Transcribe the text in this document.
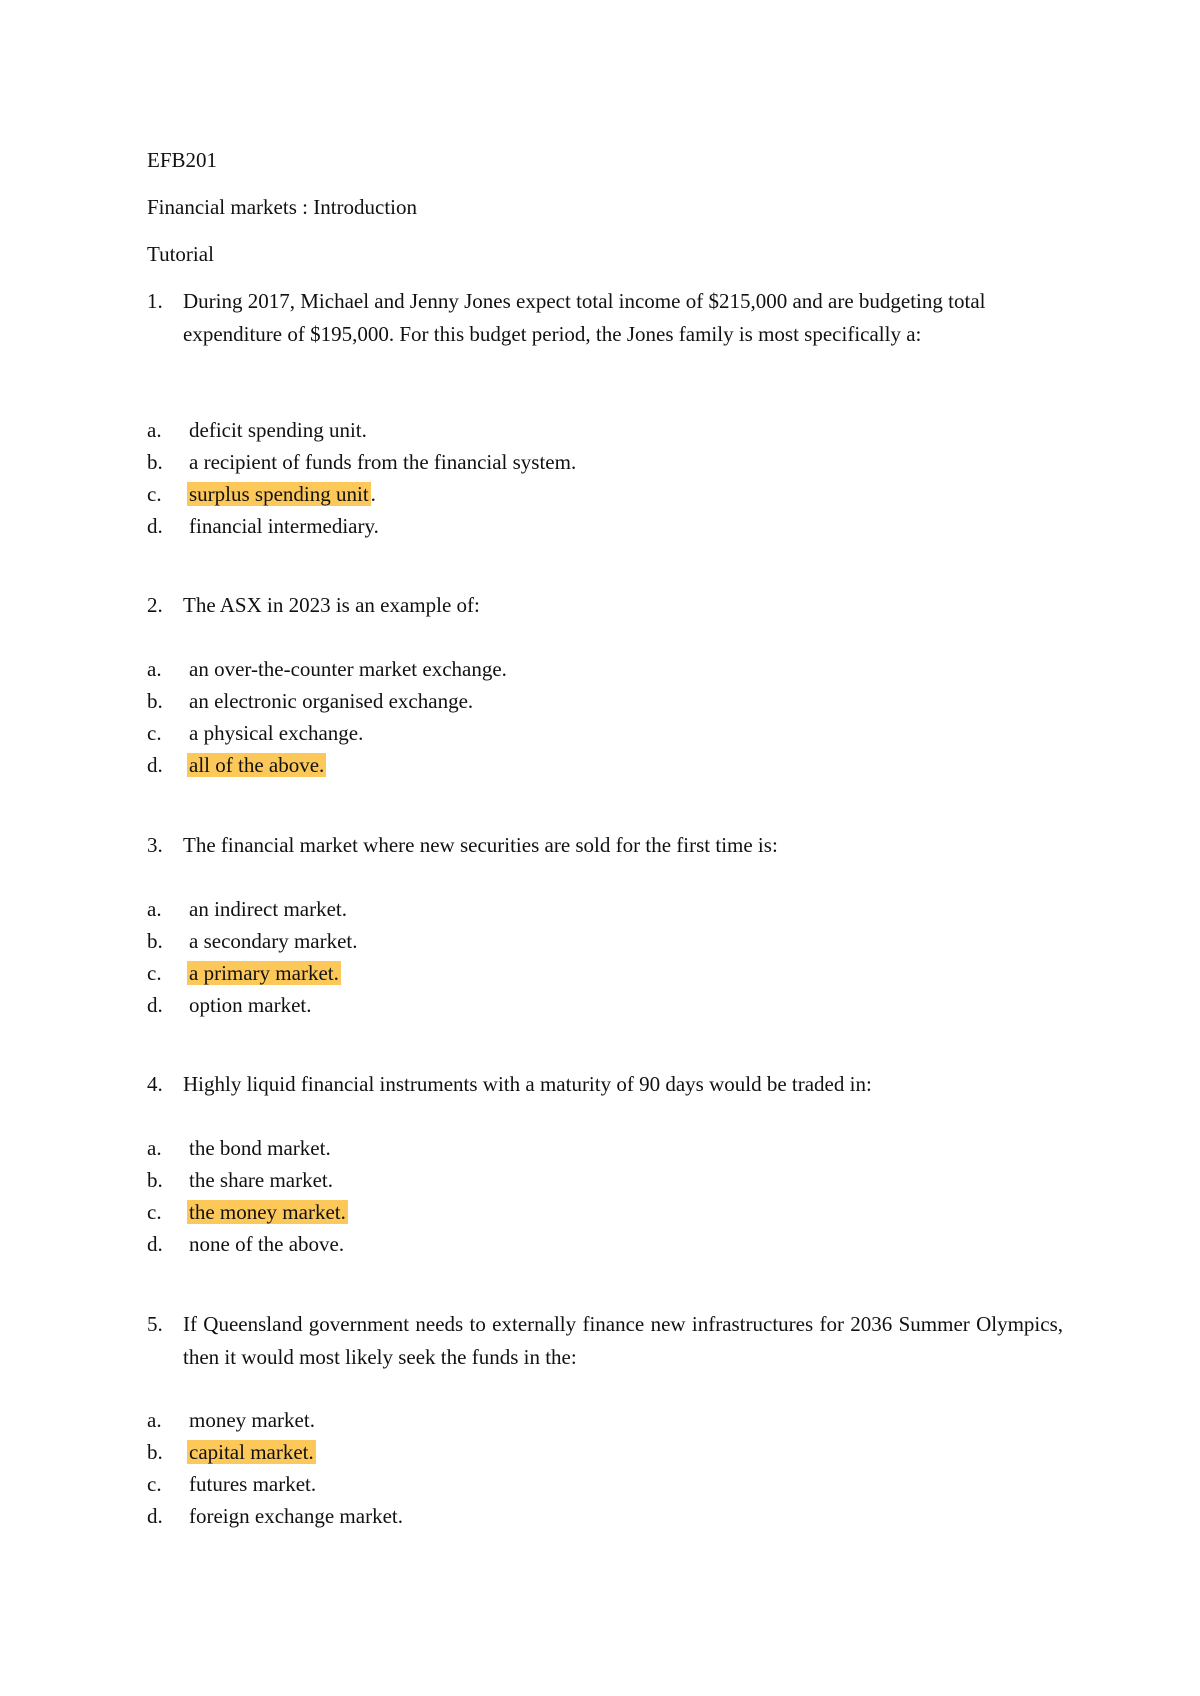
EFB201
Financial markets : Introduction
Tutorial
1. During 2017, Michael and Jenny Jones expect total income of $215,000 and are budgeting total expenditure of $195,000. For this budget period, the Jones family is most specifically a:
a. deficit spending unit.
b. a recipient of funds from the financial system.
c. surplus spending unit.
d. financial intermediary.
2. The ASX in 2023 is an example of:
a. an over-the-counter market exchange.
b. an electronic organised exchange.
c. a physical exchange.
d. all of the above.
3. The financial market where new securities are sold for the first time is:
a. an indirect market.
b. a secondary market.
c. a primary market.
d. option market.
4. Highly liquid financial instruments with a maturity of 90 days would be traded in:
a. the bond market.
b. the share market.
c. the money market.
d. none of the above.
5. If Queensland government needs to externally finance new infrastructures for 2036 Summer Olympics, then it would most likely seek the funds in the:
a. money market.
b. capital market.
c. futures market.
d. foreign exchange market.
